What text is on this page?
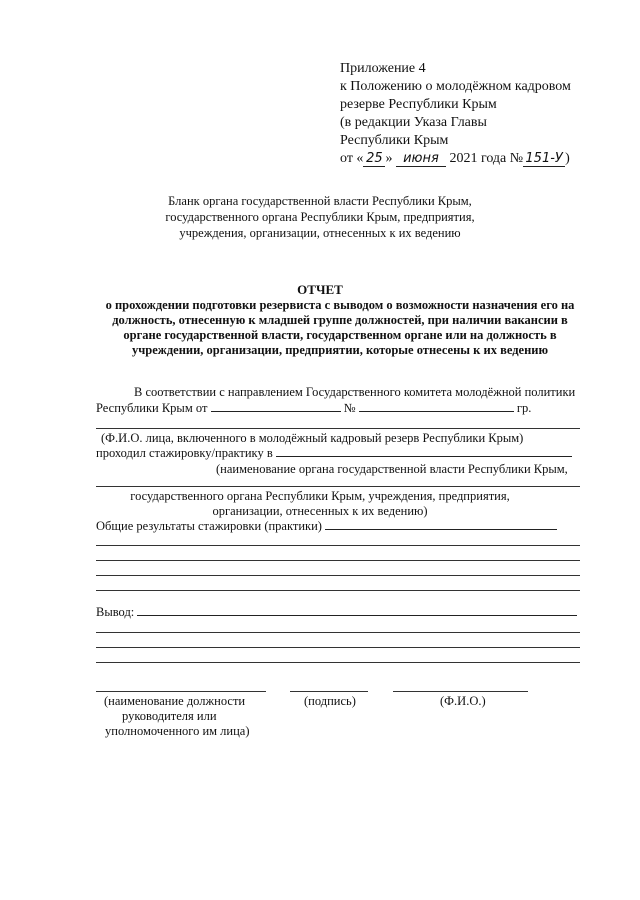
Приложение 4
к Положению о молодёжном кадровом
резерве Республики Крым
(в редакции Указа Главы
Республики Крым
от « 25 » июня 2021 года № 151-У )
Бланк органа государственной власти Республики Крым, государственного органа Республики Крым, предприятия, учреждения, организации, отнесенных к их ведению
ОТЧЕТ
о прохождении подготовки резервиста с выводом о возможности назначения его на должность, отнесенную к младшей группе должностей, при наличии вакансии в органе государственной власти, государственном органе или на должность в учреждении, организации, предприятии, которые отнесены к их ведению
В соответствии с направлением Государственного комитета молодёжной политики
Республики Крым от	№	гр.
(Ф.И.О. лица, включенного в молодёжный кадровый резерв Республики Крым)
проходил стажировку/практику в
(наименование органа государственной власти Республики Крым,
государственного органа Республики Крым, учреждения, предприятия,
организации, отнесенных к их ведению)
Общие результаты стажировки (практики)
Вывод:
(наименование должности
руководителя или
уполномоченного им лица)
(подпись)	(Ф.И.О.)
